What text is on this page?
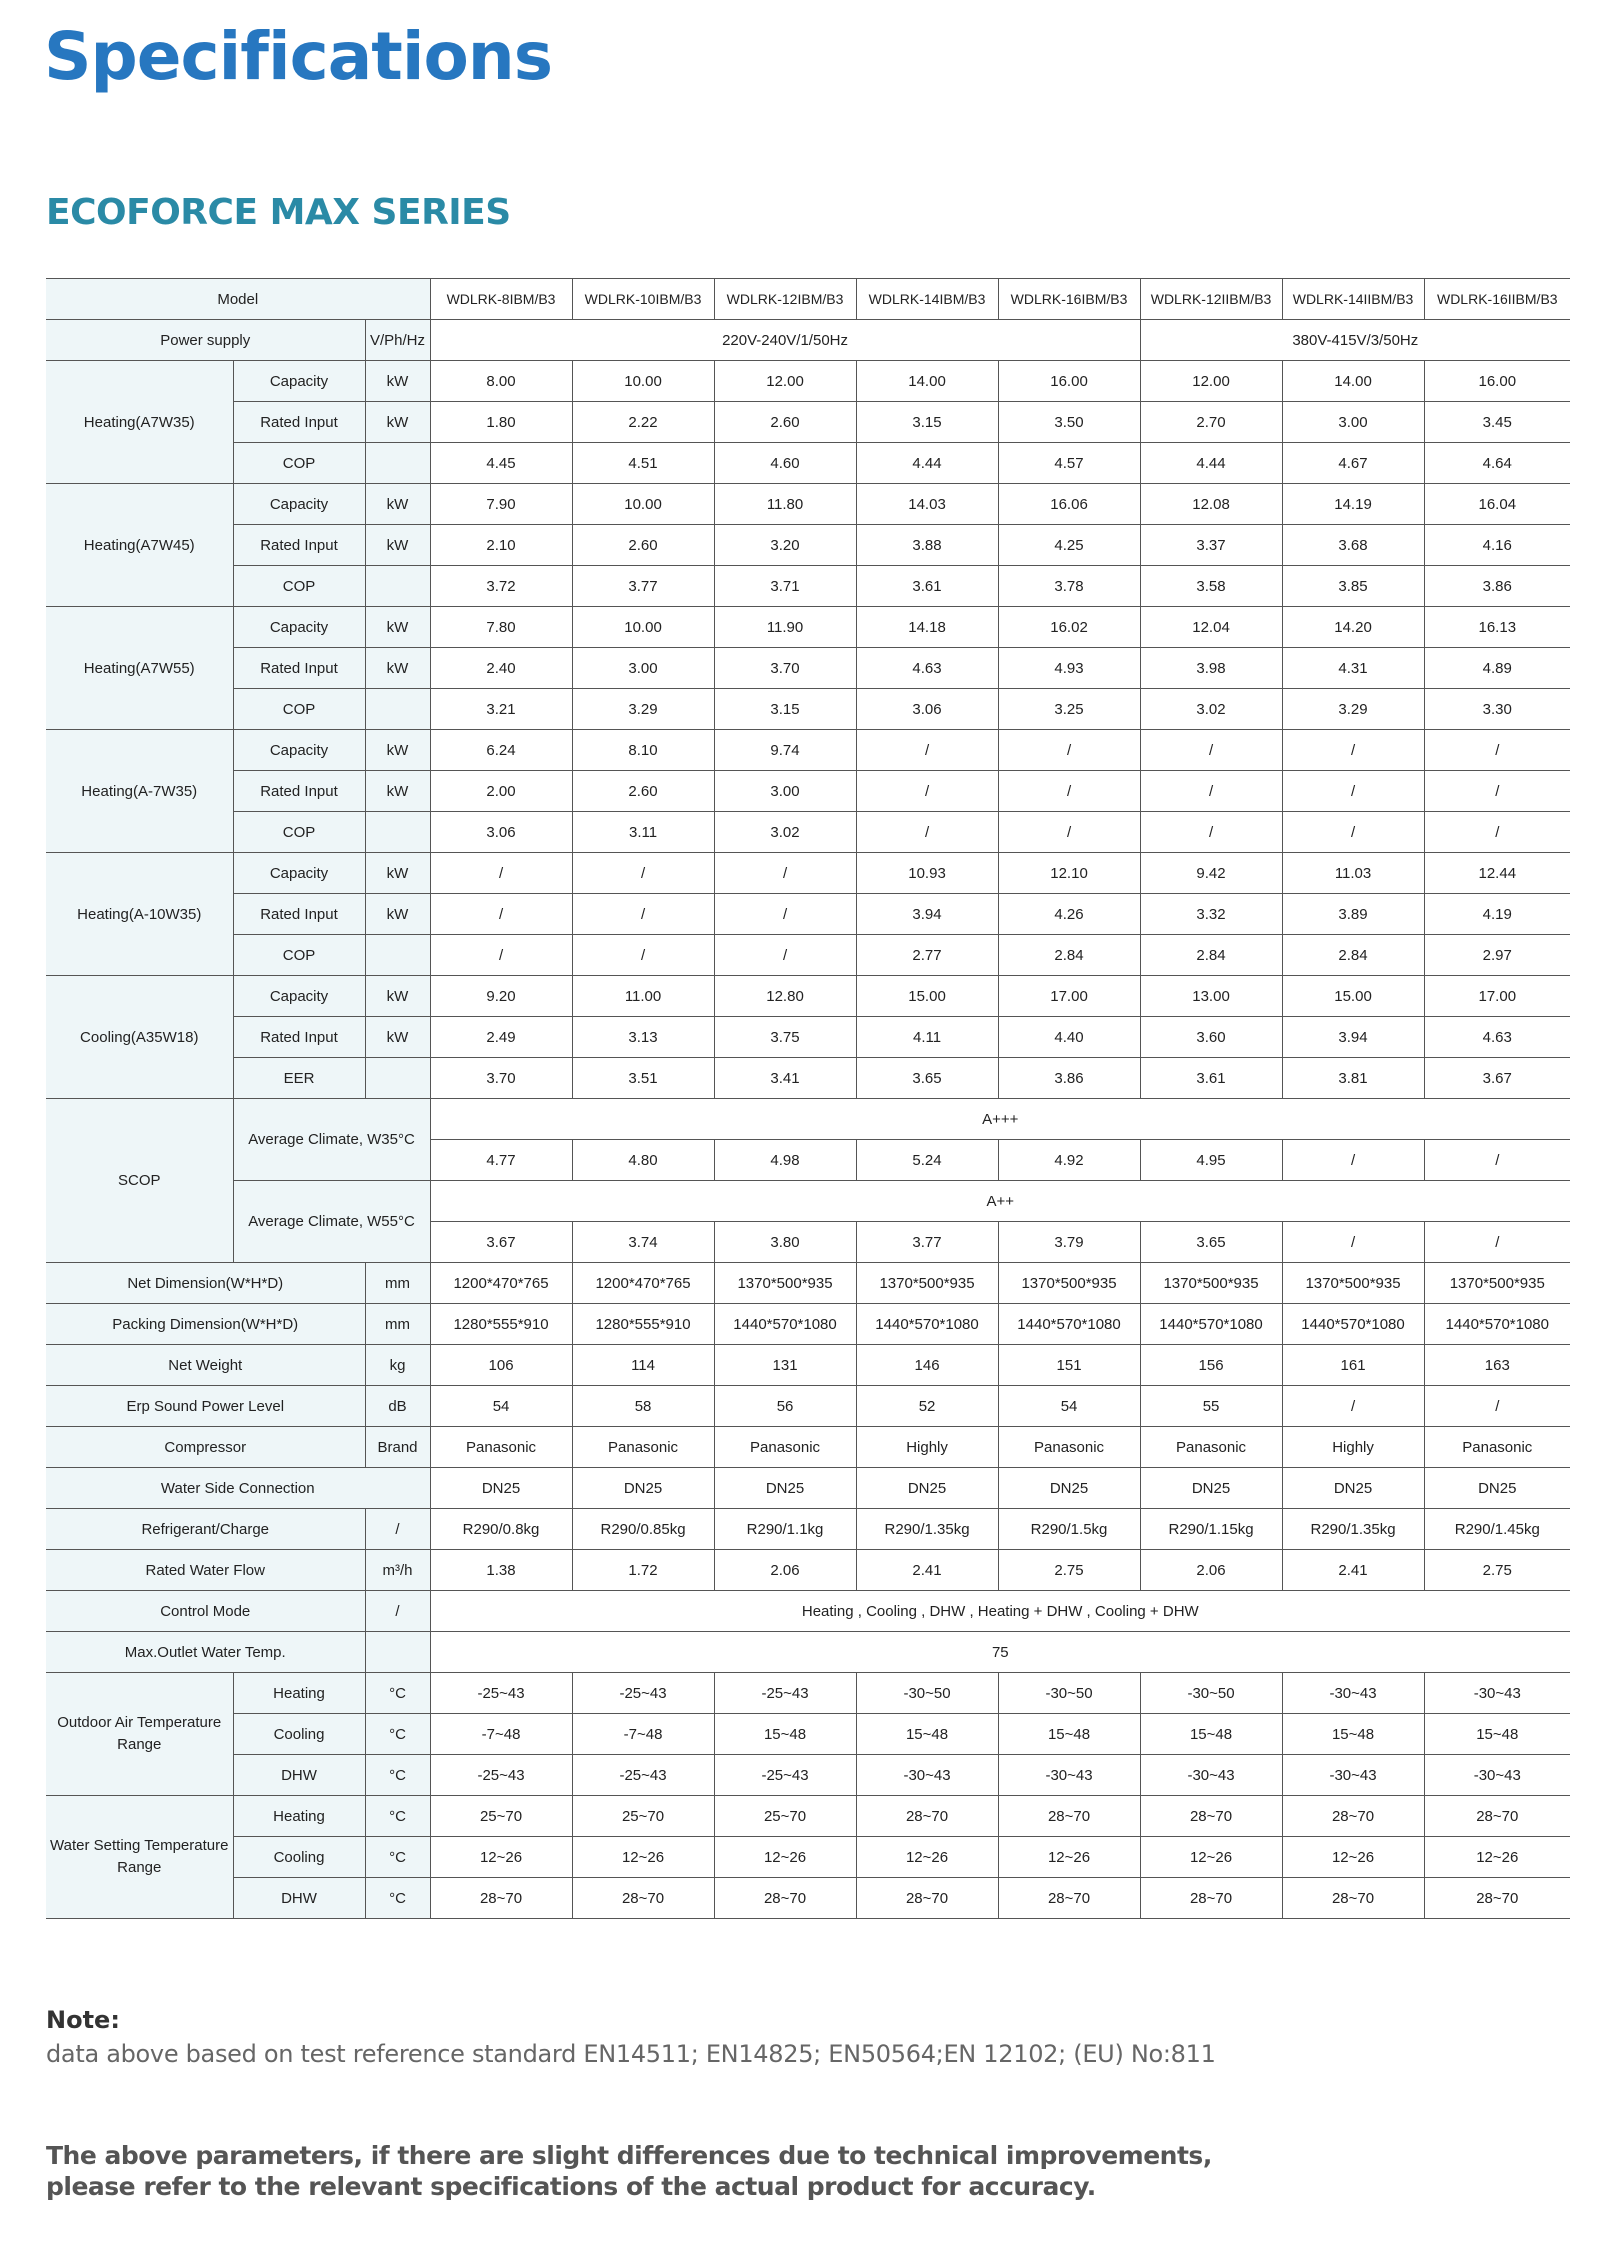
Specifications
ECOFORCE MAX SERIES
Model			WDLRK-8IBM/B3	WDLRK-10IBM/B3	WDLRK-12IBM/B3	WDLRK-14IBM/B3	WDLRK-16IBM/B3	WDLRK-12IIBM/B3	WDLRK-14IIBM/B3	WDLRK-16IIBM/B3
Power supply		V/Ph/Hz	220V-240V/1/50Hz					380V-415V/3/50Hz		
Heating(A7W35)	Capacity	kW	8.00	10.00	12.00	14.00	16.00	12.00	14.00	16.00
	Rated Input	kW	1.80	2.22	2.60	3.15	3.50	2.70	3.00	3.45
	COP		4.45	4.51	4.60	4.44	4.57	4.44	4.67	4.64
Heating(A7W45)	Capacity	kW	7.90	10.00	11.80	14.03	16.06	12.08	14.19	16.04
	Rated Input	kW	2.10	2.60	3.20	3.88	4.25	3.37	3.68	4.16
	COP		3.72	3.77	3.71	3.61	3.78	3.58	3.85	3.86
Heating(A7W55)	Capacity	kW	7.80	10.00	11.90	14.18	16.02	12.04	14.20	16.13
	Rated Input	kW	2.40	3.00	3.70	4.63	4.93	3.98	4.31	4.89
	COP		3.21	3.29	3.15	3.06	3.25	3.02	3.29	3.30
Heating(A-7W35)	Capacity	kW	6.24	8.10	9.74	/	/	/	/	/
	Rated Input	kW	2.00	2.60	3.00	/	/	/	/	/
	COP		3.06	3.11	3.02	/	/	/	/	/
Heating(A-10W35)	Capacity	kW	/	/	/	10.93	12.10	9.42	11.03	12.44
	Rated Input	kW	/	/	/	3.94	4.26	3.32	3.89	4.19
	COP		/	/	/	2.77	2.84	2.84	2.84	2.97
Cooling(A35W18)	Capacity	kW	9.20	11.00	12.80	15.00	17.00	13.00	15.00	17.00
	Rated Input	kW	2.49	3.13	3.75	4.11	4.40	3.60	3.94	4.63
	EER		3.70	3.51	3.41	3.65	3.86	3.61	3.81	3.67
SCOP	Average Climate, W35°C		A+++							
			4.77	4.80	4.98	5.24	4.92	4.95	/	/
	Average Climate, W55°C		A++							
			3.67	3.74	3.80	3.77	3.79	3.65	/	/
Net Dimension(W*H*D)		mm	1200*470*765	1200*470*765	1370*500*935	1370*500*935	1370*500*935	1370*500*935	1370*500*935	1370*500*935
Packing Dimension(W*H*D)		mm	1280*555*910	1280*555*910	1440*570*1080	1440*570*1080	1440*570*1080	1440*570*1080	1440*570*1080	1440*570*1080
Net Weight		kg	106	114	131	146	151	156	161	163
Erp Sound Power Level		dB	54	58	56	52	54	55	/	/
Compressor		Brand	Panasonic	Panasonic	Panasonic	Highly	Panasonic	Panasonic	Highly	Panasonic
Water Side Connection			DN25	DN25	DN25	DN25	DN25	DN25	DN25	DN25
Refrigerant/Charge		/	R290/0.8kg	R290/0.85kg	R290/1.1kg	R290/1.35kg	R290/1.5kg	R290/1.15kg	R290/1.35kg	R290/1.45kg
Rated Water Flow		m³/h	1.38	1.72	2.06	2.41	2.75	2.06	2.41	2.75
Control Mode		/	Heating , Cooling , DHW , Heating + DHW , Cooling + DHW							
Max.Outlet Water Temp.			75							
Outdoor Air Temperature Range	Heating	°C	-25~43	-25~43	-25~43	-30~50	-30~50	-30~50	-30~43	-30~43
	Cooling	°C	-7~48	-7~48	15~48	15~48	15~48	15~48	15~48	15~48
	DHW	°C	-25~43	-25~43	-25~43	-30~43	-30~43	-30~43	-30~43	-30~43
Water Setting Temperature Range	Heating	°C	25~70	25~70	25~70	28~70	28~70	28~70	28~70	28~70
	Cooling	°C	12~26	12~26	12~26	12~26	12~26	12~26	12~26	12~26
	DHW	°C	28~70	28~70	28~70	28~70	28~70	28~70	28~70	28~70

Note:

data above based on test reference standard EN14511; EN14825; EN50564;EN 12102; (EU) No:811

The above parameters, if there are slight differences due to technical improvements,
please refer to the relevant specifications of the actual product for accuracy.
